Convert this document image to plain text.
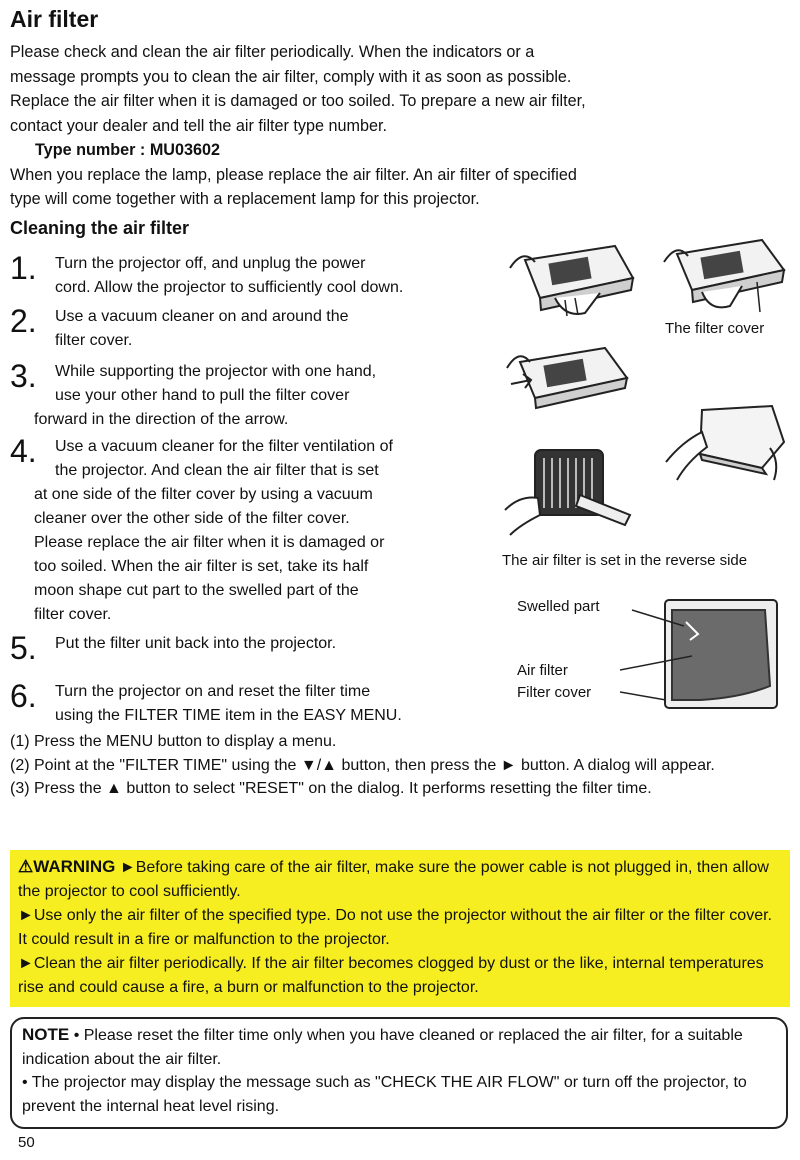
Air filter

Please check and clean the air filter periodically. When the indicators or a

message prompts you to clean the air filter, comply with it as soon as possible.

Replace the air filter when it is damaged or too soiled. To prepare a new air filter,

contact your dealer and tell the air filter type number.

Type number : MU03602

When you replace the lamp, please replace the air filter. An air filter of specified

type will come together with a replacement lamp for this projector.

Cleaning the air filter
1.	Turn the projector off, and unplug the power
cord. Allow the projector to sufficiently cool down.
2.	Use a vacuum cleaner on and around the
filter cover.
3.	While supporting the projector with one hand,
use your other hand to pull the filter cover
forward in the direction of the arrow.
4.	Use a vacuum cleaner for the filter ventilation of
the projector. And clean the air filter that is set
at one side of the filter cover by using a vacuum
cleaner over the other side of the filter cover.
Please replace the air filter when it is damaged or
too soiled. When the air filter is set, take its half
moon shape cut part to the swelled part of the
filter cover.
5.	Put the filter unit back into the projector.
6.	Turn the projector on and reset the filter time
using the FILTER TIME item in the EASY MENU.
(1) Press the MENU button to display a menu.
(2) Point at the "FILTER TIME" using the ▼/▲ button, then press the ► button. A dialog will appear.
(3) Press the ▲ button to select "RESET" on the dialog. It performs resetting the filter time.
The filter cover
The air filter is set in the reverse side
Swelled part
Air filter
Filter cover

⚠WARNING ►Before taking care of the air filter, make sure the power cable is not plugged in, then allow the projector to cool sufficiently.

►Use only the air filter of the specified type. Do not use the projector without the air filter or the filter cover. It could result in a fire or malfunction to the projector.

►Clean the air filter periodically. If the air filter becomes clogged by dust or the like, internal temperatures rise and could cause a fire, a burn or malfunction to the projector.

NOTE • Please reset the filter time only when you have cleaned or replaced the air filter, for a suitable indication about the air filter.

• The projector may display the message such as "CHECK THE AIR FLOW" or turn off the projector, to prevent the internal heat level rising.

50
